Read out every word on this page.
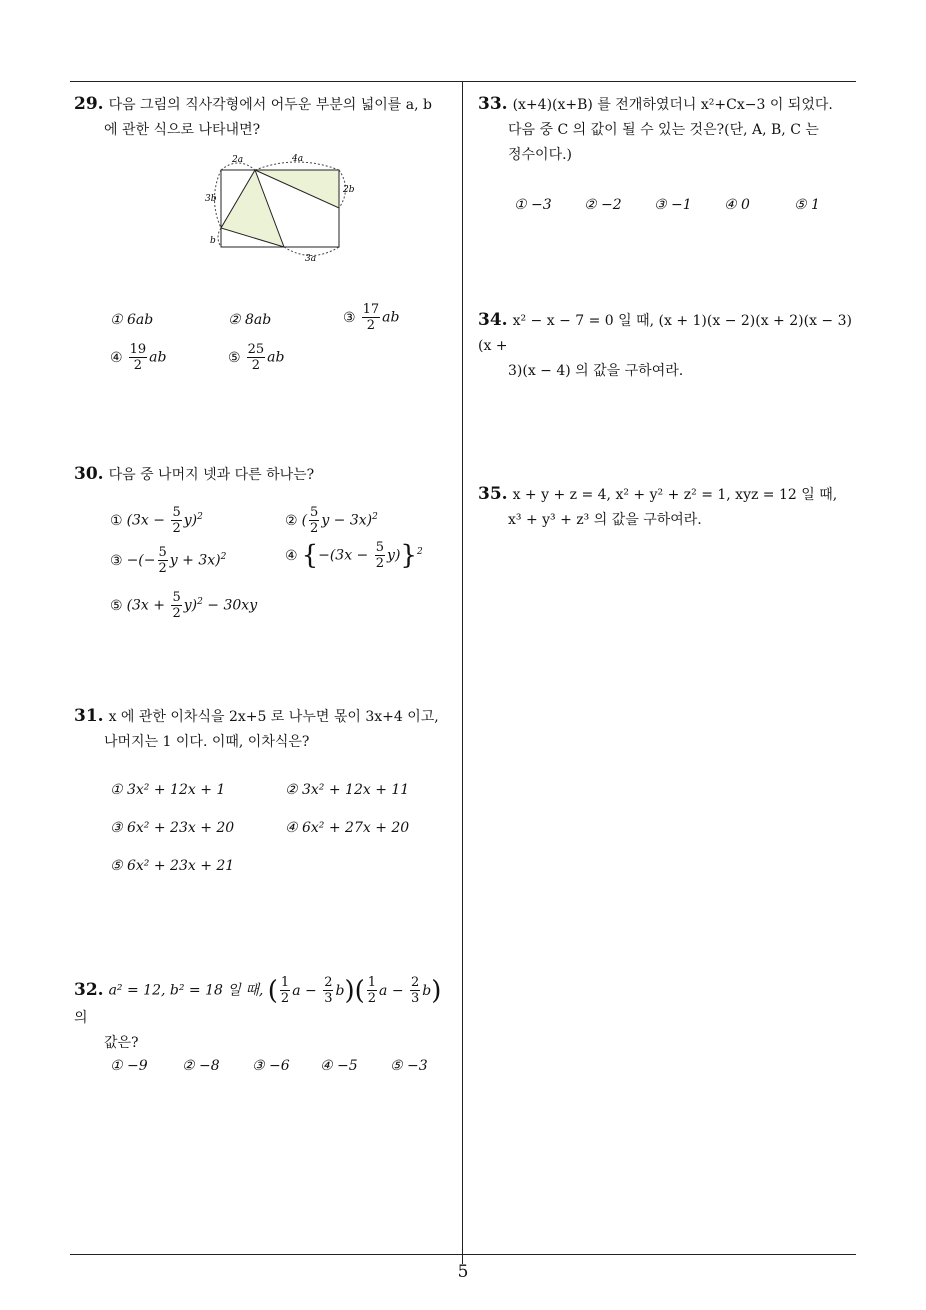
5
29. 다음 그림의 직사각형에서 어두운 부분의 넓이를 a, b
에 관한 식으로 나타내면?
2a	4a
3b
b
2b
3a
① 6ab	② 8ab	③ $\frac{17}{2}$ ab
④ $\frac{19}{2}$ ab	⑤ $\frac{25}{2}$ ab
30. 다음 중 나머지 넷과 다른 하나는?
① $(3x - \frac{5}{2} y)^2$	② ( $\frac{5}{2}$ y − 3x)$^2$
③ −(− $\frac{5}{2}$ y + 3x)$^2$	④ $\{-(3x - \frac{5}{2} y)\}^2$
⑤ $(3x + \frac{5}{2} y)^2 - 30xy$
31. x 에 관한 이차식을 2x+5 로 나누면 몫이 3x+4 이고,
나머지는 1 이다. 이때, 이차식은?
① 3x² + 12x + 1	② 3x² + 12x + 11
③ 6x² + 23x + 20	④ 6x² + 27x + 20
⑤ 6x² + 23x + 21
32. a² = 12, b² = 18 일 때, ( $\frac{1}{2}$ $a - \frac{2}{3} b)( \frac{1}{2}$ $a - \frac{2}{3} b$) 의
값은?
① −9 ② −8 ③ −6 ④ −5 ⑤ −3
33. (x+4)(x+B) 를 전개하였더니 x²+Cx−3 이 되었다.
다음 중 C 의 값이 될 수 있는 것은?(단, A, B, C 는
정수이다.)
① −3 ② −2 ③ −1 ④ 0	⑤ 1
34. x² − x − 7 = 0 일 때, (x + 1)(x − 2)(x + 2)(x − 3)(x +
3)(x − 4) 의 값을 구하여라.
35. x + y + z = 4, x² + y² + z² = 1, xyz = 12 일 때,
x³ + y³ + z³ 의 값을 구하여라.
